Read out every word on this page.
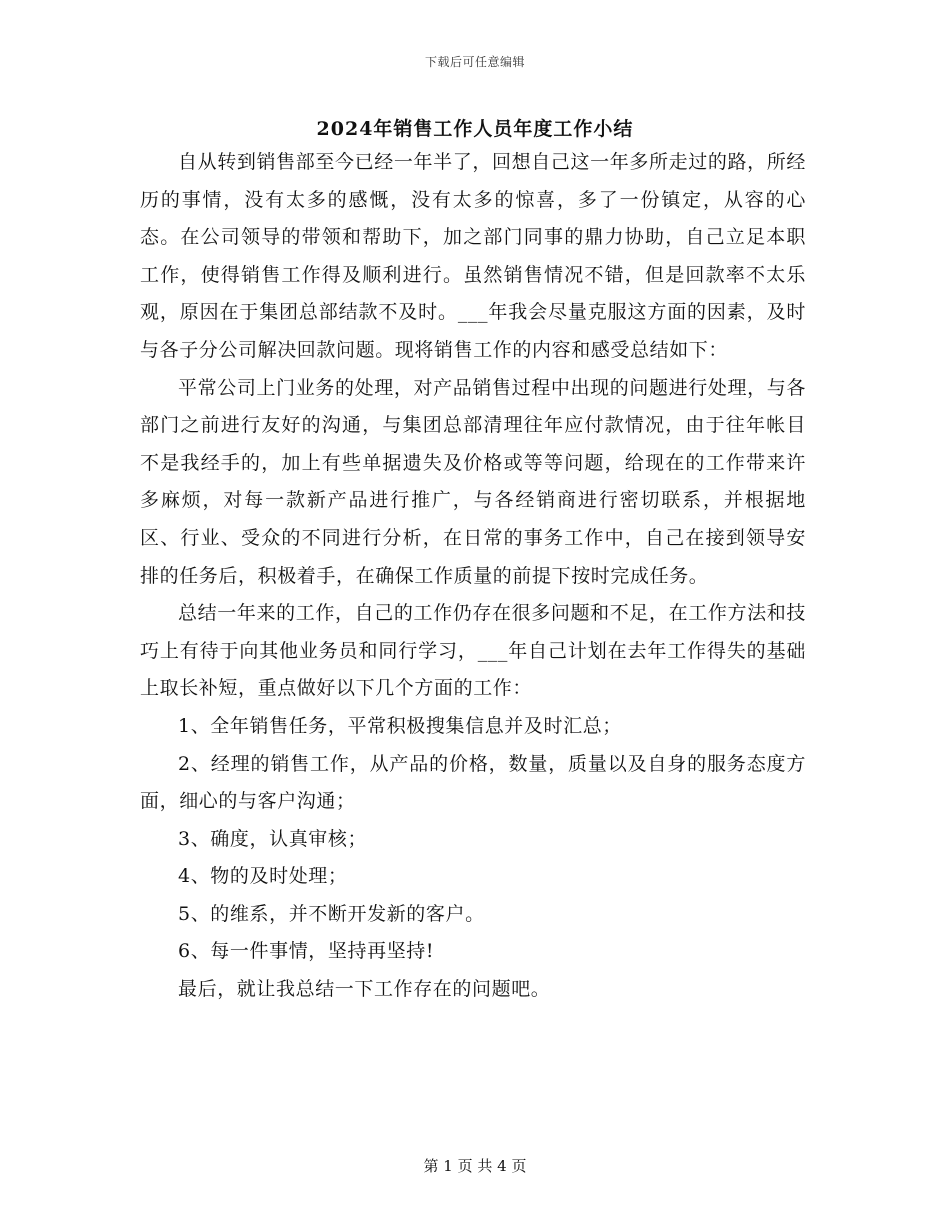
下载后可任意编辑
2024年销售工作人员年度工作小结

自从转到销售部至今已经一年半了，回想自己这一年多所走过的路，所经历的事情，没有太多的感慨，没有太多的惊喜，多了一份镇定，从容的心态。在公司领导的带领和帮助下，加之部门同事的鼎力协助，自己立足本职工作，使得销售工作得及顺利进行。虽然销售情况不错，但是回款率不太乐观，原因在于集团总部结款不及时。___年我会尽量克服这方面的因素，及时与各子分公司解决回款问题。现将销售工作的内容和感受总结如下：

平常公司上门业务的处理，对产品销售过程中出现的问题进行处理，与各部门之前进行友好的沟通，与集团总部清理往年应付款情况，由于往年帐目不是我经手的，加上有些单据遗失及价格或等等问题，给现在的工作带来许多麻烦，对每一款新产品进行推广，与各经销商进行密切联系，并根据地区、行业、受众的不同进行分析，在日常的事务工作中，自己在接到领导安排的任务后，积极着手，在确保工作质量的前提下按时完成任务。

总结一年来的工作，自己的工作仍存在很多问题和不足，在工作方法和技巧上有待于向其他业务员和同行学习，___年自己计划在去年工作得失的基础上取长补短，重点做好以下几个方面的工作：

1、全年销售任务，平常积极搜集信息并及时汇总；

2、经理的销售工作，从产品的价格，数量，质量以及自身的服务态度方面，细心的与客户沟通；

3、确度，认真审核；

4、物的及时处理；

5、的维系，并不断开发新的客户。

6、每一件事情，坚持再坚持!

最后，就让我总结一下工作存在的问题吧。

第 1 页 共 4 页
